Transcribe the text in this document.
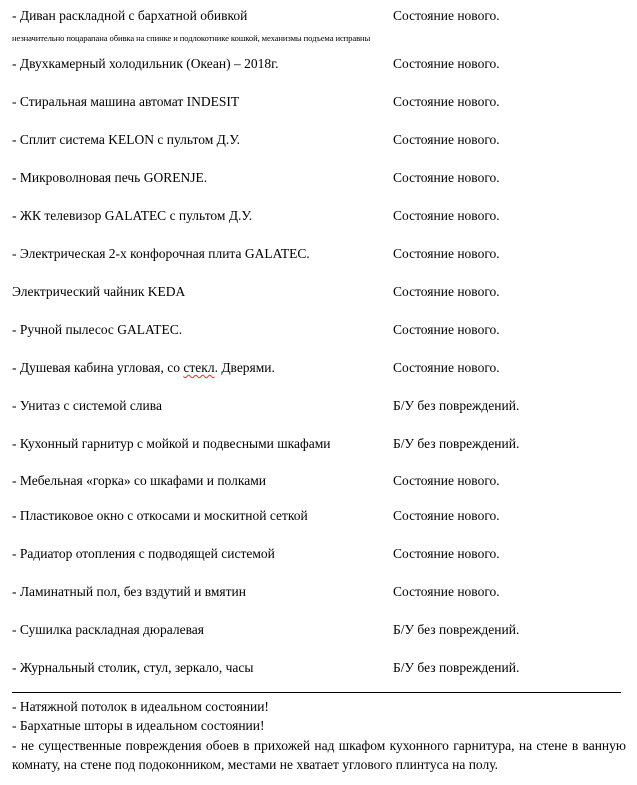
- Диван раскладной с бархатной обивкой	Состояние нового.
незначительно поцарапана обивка на спинке и подлокотнике кошкой, механизмы подъема исправны
- Двухкамерный холодильник (Океан) – 2018г.	Состояние нового.
- Стиральная машина автомат INDESIT	Состояние нового.
- Сплит система KELON с пультом Д.У.	Состояние нового.
- Микроволновая печь GORENJE.	Состояние нового.
- ЖК телевизор GALATEC с пультом Д.У.	Состояние нового.
- Электрическая 2-х конфорочная плита GALATEC.	Состояние нового.
Электрический чайник KEDA	Состояние нового.
- Ручной пылесос GALATEC.	Состояние нового.
- Душевая кабина угловая, со стекл. Дверями.	Состояние нового.
- Унитаз с системой слива	Б/У без повреждений.
- Кухонный гарнитур с мойкой и подвесными шкафами	Б/У без повреждений.
- Мебельная «горка» со шкафами и полками	Состояние нового.
- Пластиковое окно с откосами и москитной сеткой	Состояние нового.
- Радиатор отопления с подводящей системой	Состояние нового.
- Ламинатный пол, без вздутий и вмятин	Состояние нового.
- Сушилка раскладная дюралевая	Б/У без повреждений.
- Журнальный столик, стул, зеркало, часы	Б/У без повреждений.
- Натяжной потолок в идеальном состоянии!
- Бархатные шторы в идеальном состоянии!
- не существенные повреждения обоев в прихожей над шкафом кухонного гарнитура, на стене в ванную комнату, на стене под подоконником, местами не хватает углового плинтуса на полу.
